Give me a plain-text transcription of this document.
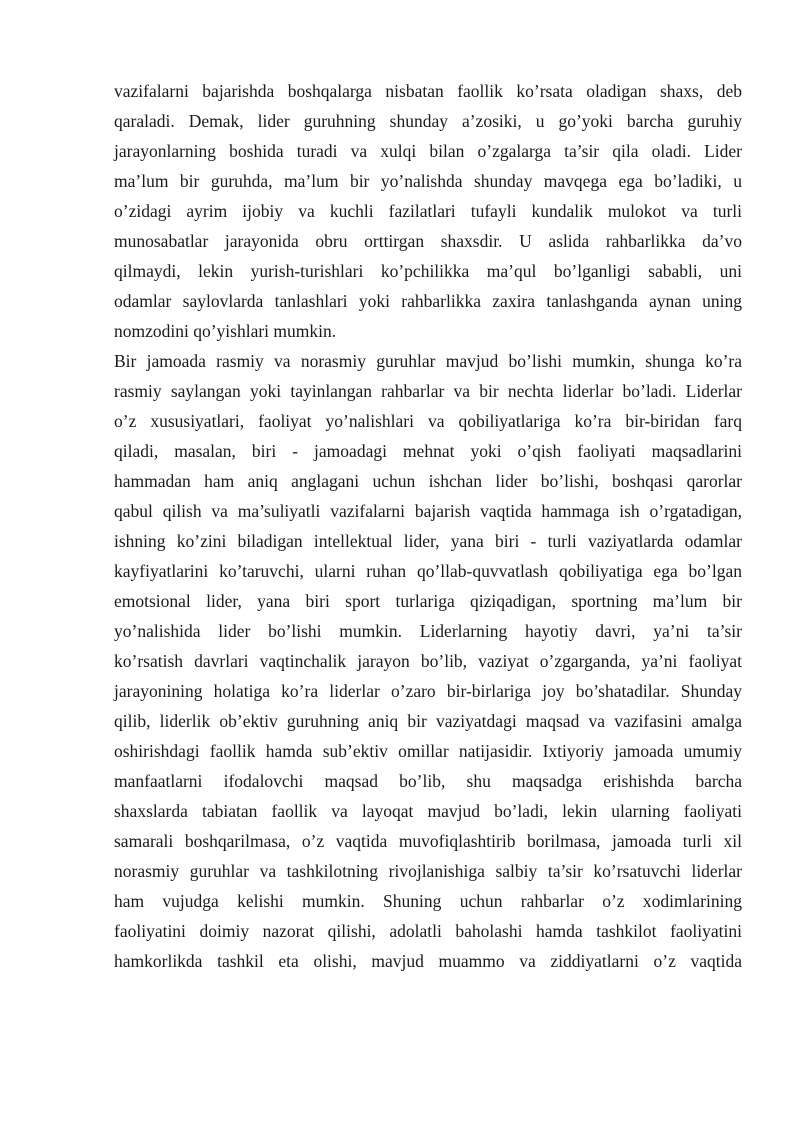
vazifalarni bajarishda boshqalarga nisbatan faollik ko’rsata oladigan shaxs, deb
qaraladi. Demak, lider guruhning shunday a’zosiki, u go’yoki barcha guruhiy
jarayonlarning boshida turadi va xulqi bilan o’zgalarga ta’sir qila oladi. Lider
ma’lum bir guruhda, ma’lum bir yo’nalishda shunday mavqega ega bo’ladiki, u
o’zidagi ayrim ijobiy va kuchli fazilatlari tufayli kundalik mulokot va turli
munosabatlar jarayonida obru orttirgan shaxsdir. U aslida rahbarlikka da’vo
qilmaydi, lekin yurish-turishlari ko’pchilikka ma’qul bo’lganligi sababli, uni
odamlar saylovlarda tanlashlari yoki rahbarlikka zaxira tanlashganda aynan uning
nomzodini qo’yishlari mumkin.
Bir jamoada rasmiy va norasmiy guruhlar mavjud bo’lishi mumkin, shunga ko’ra
rasmiy saylangan yoki tayinlangan rahbarlar va bir nechta liderlar bo’ladi. Liderlar
o’z xususiyatlari, faoliyat yo’nalishlari va qobiliyatlariga ko’ra bir-biridan farq
qiladi, masalan, biri - jamoadagi mehnat yoki o’qish faoliyati maqsadlarini
hammadan ham aniq anglagani uchun ishchan lider bo’lishi, boshqasi qarorlar
qabul qilish va ma’suliyatli vazifalarni bajarish vaqtida hammaga ish o’rgatadigan,
ishning ko’zini biladigan intellektual lider, yana biri - turli vaziyatlarda odamlar
kayfiyatlarini ko’taruvchi, ularni ruhan qo’llab-quvvatlash qobiliyatiga ega bo’lgan
emotsional lider, yana biri sport turlariga qiziqadigan, sportning ma’lum bir
yo’nalishida lider bo’lishi mumkin. Liderlarning hayotiy davri, ya’ni ta’sir
ko’rsatish davrlari vaqtinchalik jarayon bo’lib, vaziyat o’zgarganda, ya’ni faoliyat
jarayonining holatiga ko’ra liderlar o’zaro bir-birlariga joy bo’shatadilar. Shunday
qilib, liderlik ob’ektiv guruhning aniq bir vaziyatdagi maqsad va vazifasini amalga
oshirishdagi faollik hamda sub’ektiv omillar natijasidir. Ixtiyoriy jamoada umumiy
manfaatlarni ifodalovchi maqsad bo’lib, shu maqsadga erishishda barcha
shaxslarda tabiatan faollik va layoqat mavjud bo’ladi, lekin ularning faoliyati
samarali boshqarilmasa, o’z vaqtida muvofiqlashtirib borilmasa, jamoada turli xil
norasmiy guruhlar va tashkilotning rivojlanishiga salbiy ta’sir ko’rsatuvchi liderlar
ham vujudga kelishi mumkin. Shuning uchun rahbarlar o’z xodimlarining
faoliyatini doimiy nazorat qilishi, adolatli baholashi hamda tashkilot faoliyatini
hamkorlikda tashkil eta olishi, mavjud muammo va ziddiyatlarni o’z vaqtida
